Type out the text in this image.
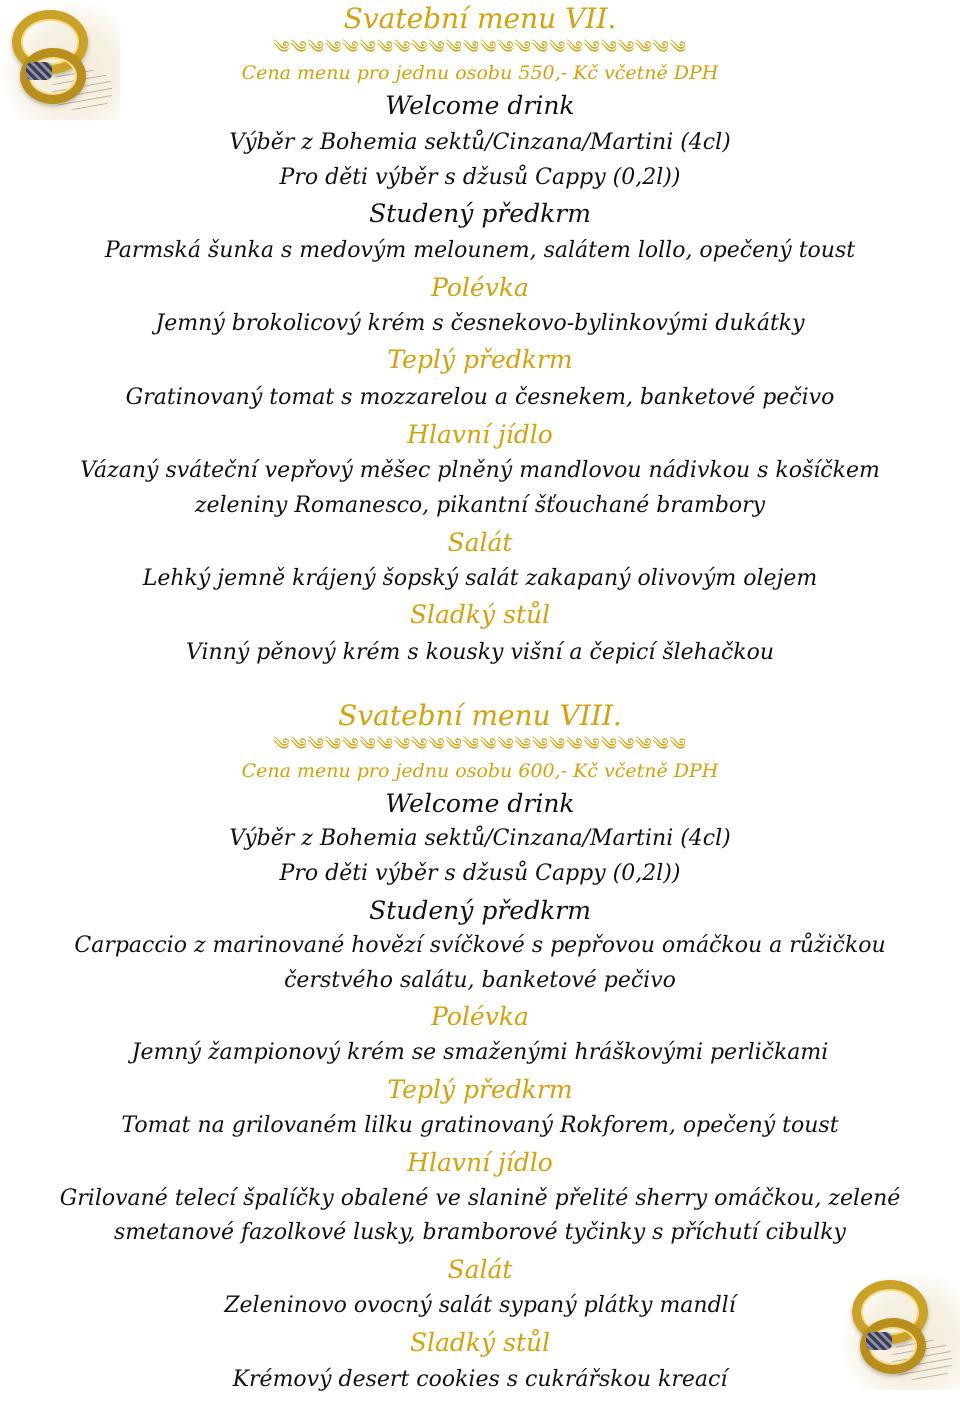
Svatební menu VII.
༄༄༄༄༄༄༄༄༄༄༄༄༄༄༄༄༄༄༄༄༄༄༄༄
Cena menu pro jednu osobu 550,- Kč včetně DPH
Welcome drink
Výběr z Bohemia sektů/Cinzana/Martini (4cl)
Pro děti výběr s džusů Cappy (0,2l))
Studený předkrm
Parmská šunka s medovým melounem, salátem lollo, opečený toust
Polévka
Jemný brokolicový krém s česnekovo-bylinkovými dukátky
Teplý předkrm
Gratinovaný tomat s mozzarelou a česnekem, banketové pečivo
Hlavní jídlo
Vázaný sváteční vepřový měšec plněný mandlovou nádivkou s košíčkem
zeleniny Romanesco, pikantní šťouchané brambory
Salát
Lehký jemně krájený šopský salát zakapaný olivovým olejem
Sladký stůl
Vinný pěnový krém s kousky višní a čepicí šlehačkou
Svatební menu VIII.
༄༄༄༄༄༄༄༄༄༄༄༄༄༄༄༄༄༄༄༄༄༄༄༄
Cena menu pro jednu osobu 600,- Kč včetně DPH
Welcome drink
Výběr z Bohemia sektů/Cinzana/Martini (4cl)
Pro děti výběr s džusů Cappy (0,2l))
Studený předkrm
Carpaccio z marinované hovězí svíčkové s pepřovou omáčkou a růžičkou
čerstvého salátu, banketové pečivo
Polévka
Jemný žampionový krém se smaženými hráškovými perličkami
Teplý předkrm
Tomat na grilovaném lilku gratinovaný Rokforem, opečený toust
Hlavní jídlo
Grilované telecí špalíčky obalené ve slanině přelité sherry omáčkou, zelené
smetanové fazolkové lusky, bramborové tyčinky s příchutí cibulky
Salát
Zeleninovo ovocný salát sypaný plátky mandlí
Sladký stůl
Krémový desert cookies s cukrářskou kreací
